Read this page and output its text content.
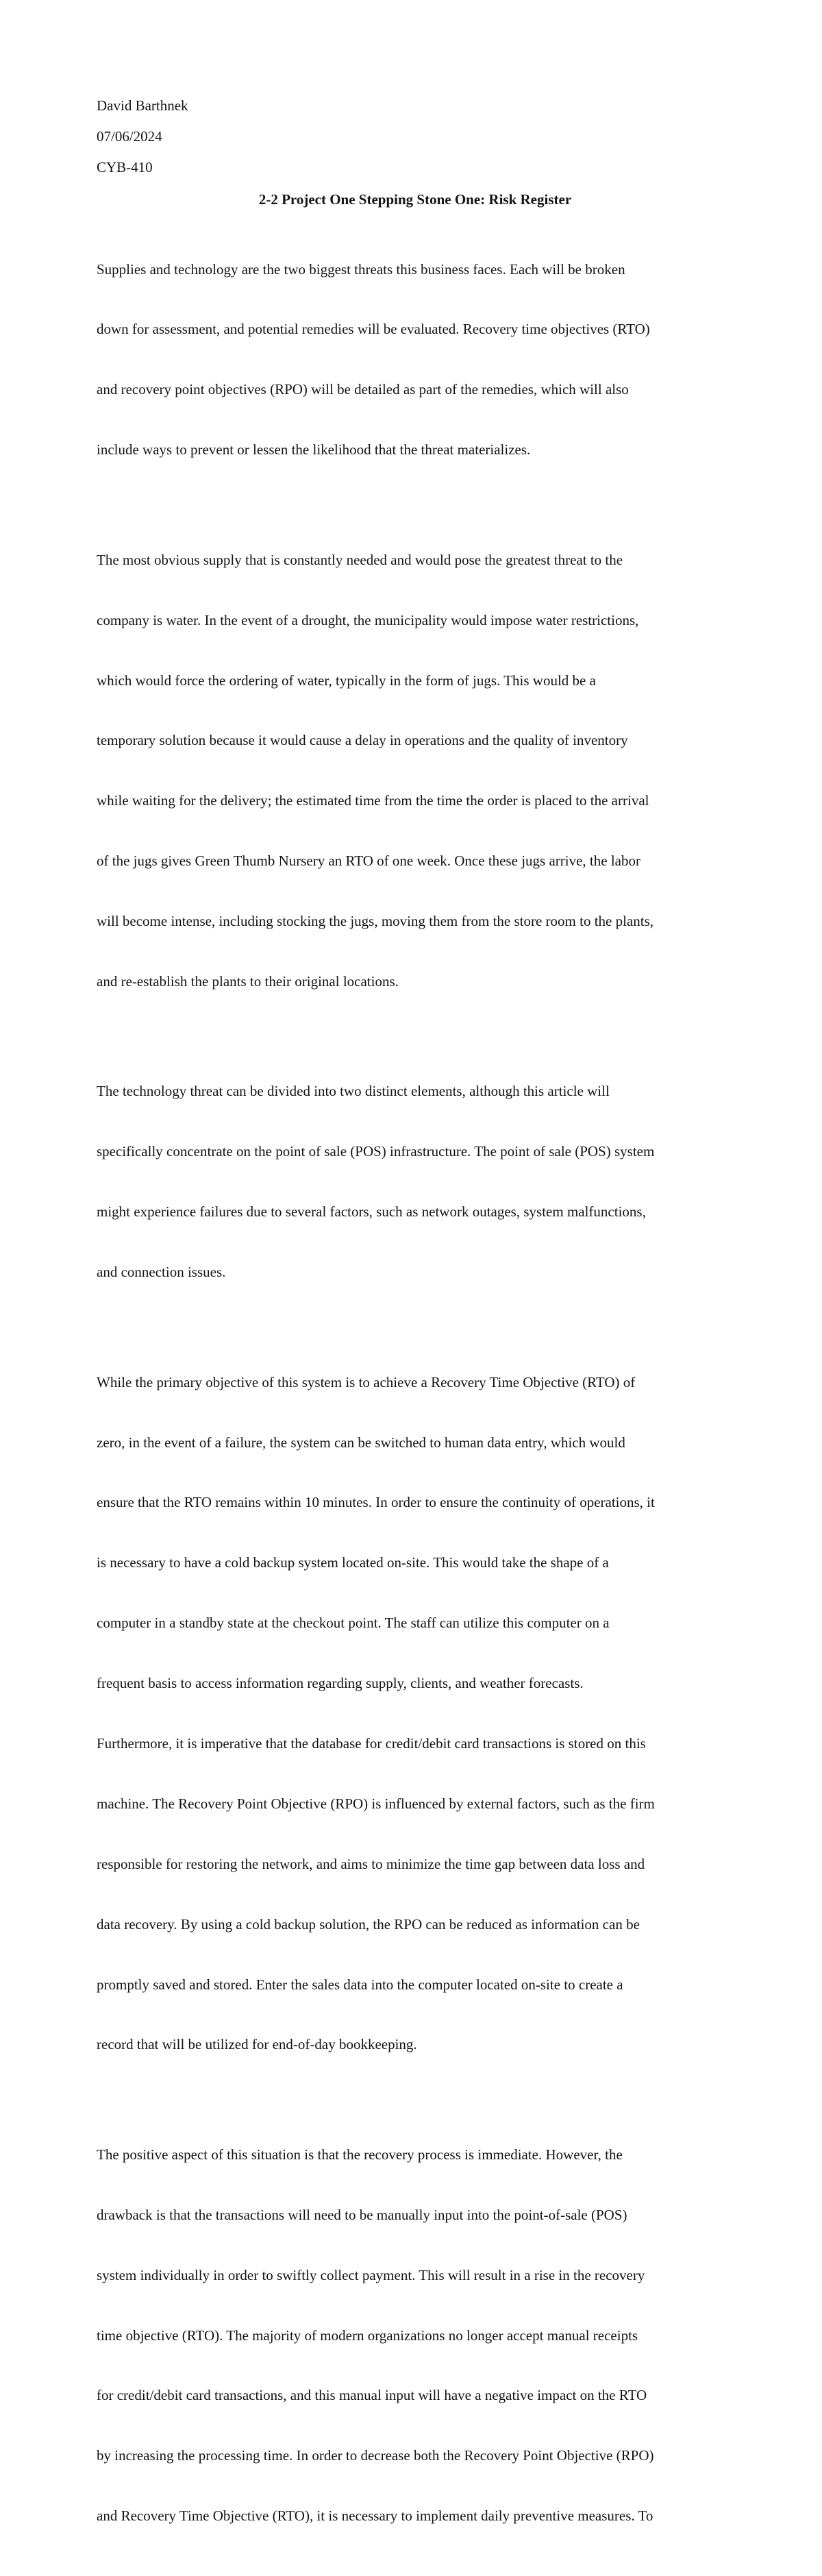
David Barthnek
07/06/2024
CYB-410
2-2 Project One Stepping Stone One: Risk Register

Supplies and technology are the two biggest threats this business faces. Each will be broken

down for assessment, and potential remedies will be evaluated. Recovery time objectives (RTO)

and recovery point objectives (RPO) will be detailed as part of the remedies, which will also

include ways to prevent or lessen the likelihood that the threat materializes.

The most obvious supply that is constantly needed and would pose the greatest threat to the

company is water. In the event of a drought, the municipality would impose water restrictions,

which would force the ordering of water, typically in the form of jugs. This would be a

temporary solution because it would cause a delay in operations and the quality of inventory

while waiting for the delivery; the estimated time from the time the order is placed to the arrival

of the jugs gives Green Thumb Nursery an RTO of one week. Once these jugs arrive, the labor

will become intense, including stocking the jugs, moving them from the store room to the plants,

and re-establish the plants to their original locations.

The technology threat can be divided into two distinct elements, although this article will

specifically concentrate on the point of sale (POS) infrastructure. The point of sale (POS) system

might experience failures due to several factors, such as network outages, system malfunctions,

and connection issues.

While the primary objective of this system is to achieve a Recovery Time Objective (RTO) of

zero, in the event of a failure, the system can be switched to human data entry, which would

ensure that the RTO remains within 10 minutes. In order to ensure the continuity of operations, it

is necessary to have a cold backup system located on-site. This would take the shape of a

computer in a standby state at the checkout point. The staff can utilize this computer on a

frequent basis to access information regarding supply, clients, and weather forecasts.

Furthermore, it is imperative that the database for credit/debit card transactions is stored on this

machine. The Recovery Point Objective (RPO) is influenced by external factors, such as the firm

responsible for restoring the network, and aims to minimize the time gap between data loss and

data recovery. By using a cold backup solution, the RPO can be reduced as information can be

promptly saved and stored. Enter the sales data into the computer located on-site to create a

record that will be utilized for end-of-day bookkeeping.

The positive aspect of this situation is that the recovery process is immediate. However, the

drawback is that the transactions will need to be manually input into the point-of-sale (POS)

system individually in order to swiftly collect payment. This will result in a rise in the recovery

time objective (RTO). The majority of modern organizations no longer accept manual receipts

for credit/debit card transactions, and this manual input will have a negative impact on the RTO

by increasing the processing time. In order to decrease both the Recovery Point Objective (RPO)

and Recovery Time Objective (RTO), it is necessary to implement daily preventive measures. To
